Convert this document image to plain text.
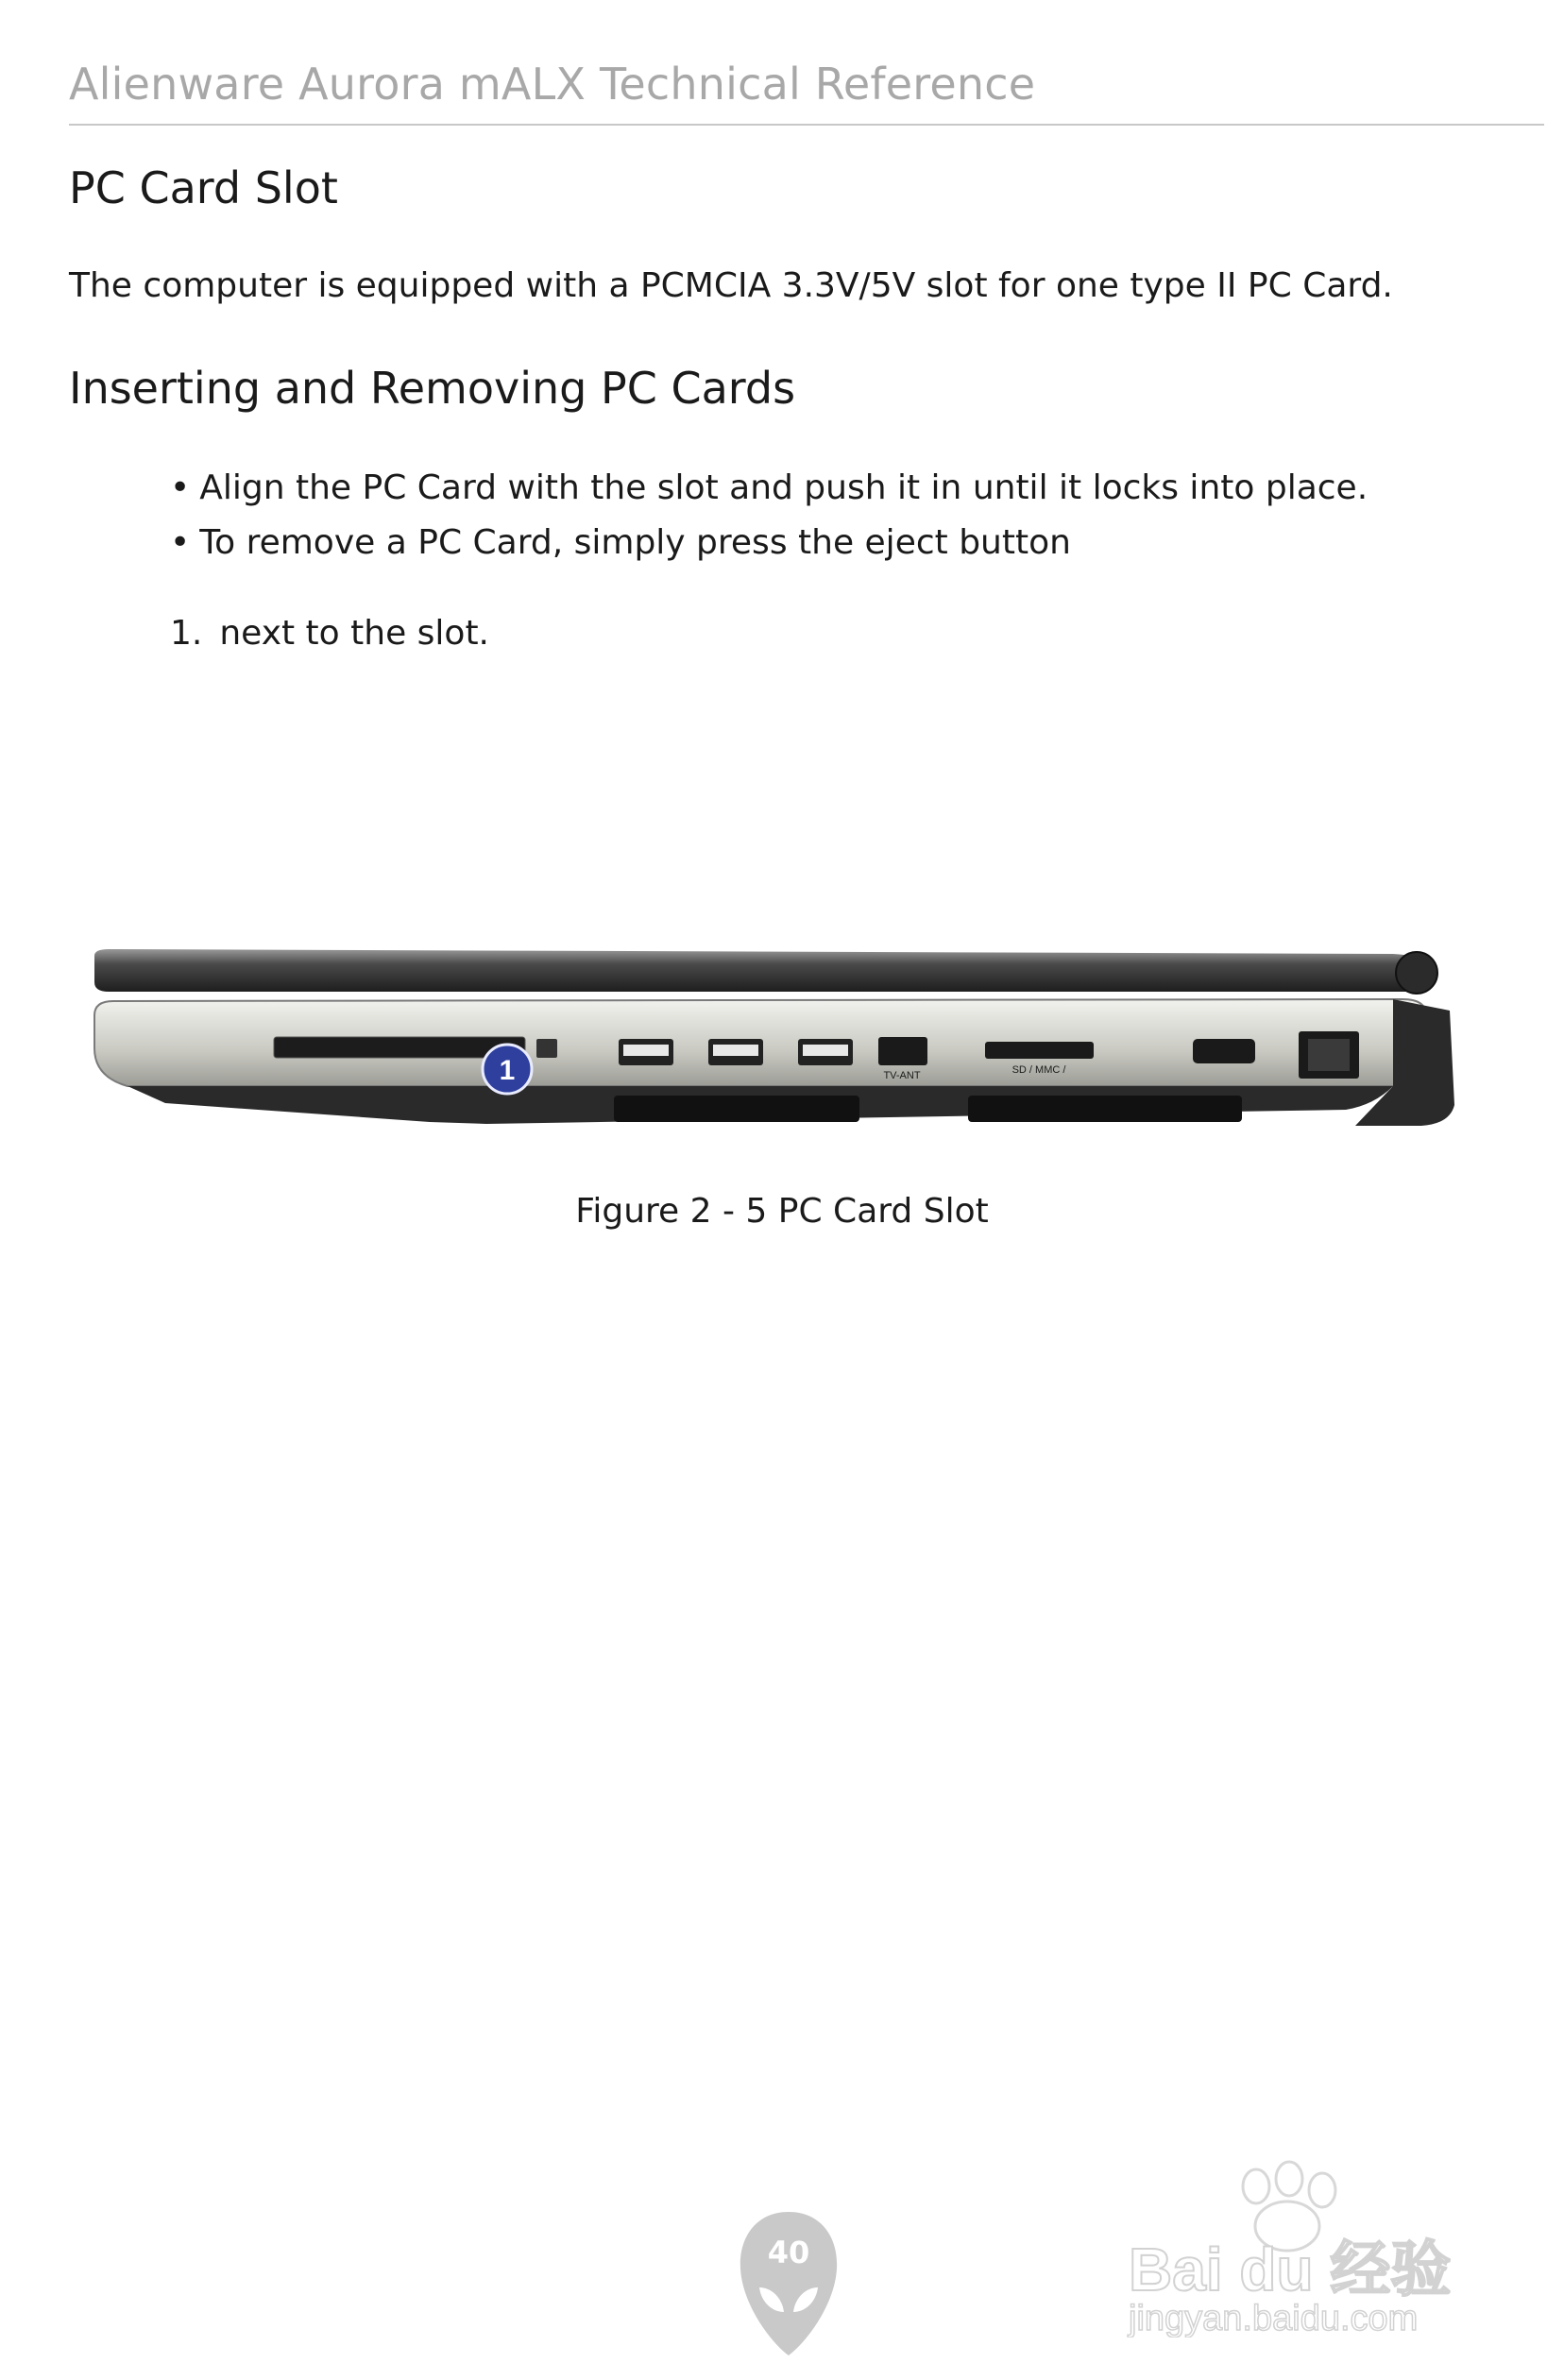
Alienware Aurora mALX Technical Reference
PC Card Slot
The computer is equipped with a PCMCIA 3.3V/5V slot for one type II PC Card.
Inserting and Removing PC Cards
• Align the PC Card with the slot and push it in until it locks into place.
• To remove a PC Card, simply press the eject button
1. next to the slot.
TV-ANT	SD / MMC /
1
Figure 2 - 5 PC Card Slot
40	Bai du 经验
jingyan.baidu.com
